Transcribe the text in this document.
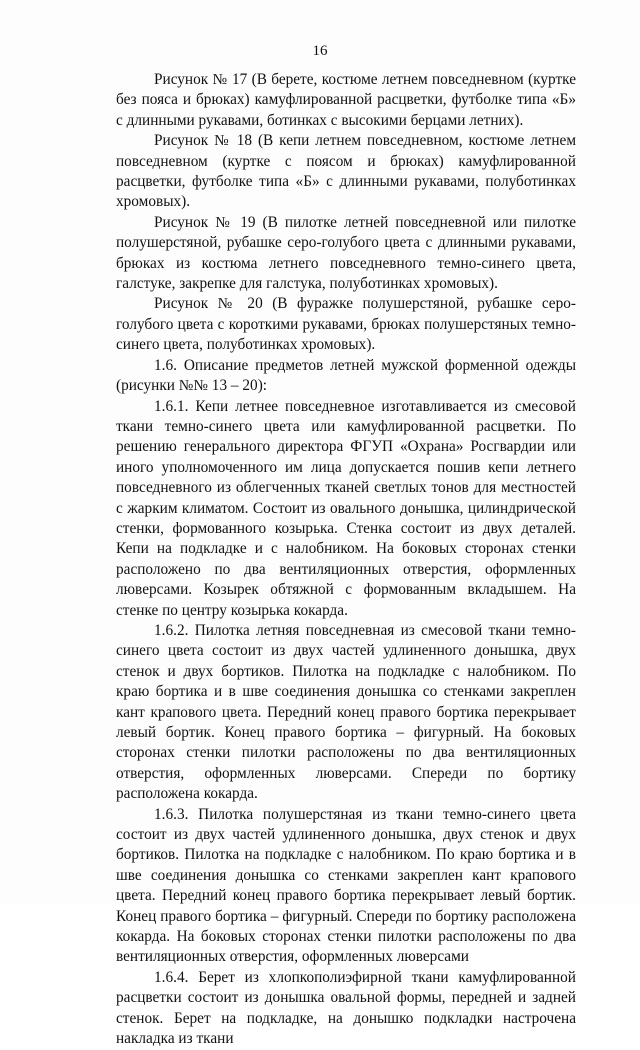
16

Рисунок № 17 (В берете, костюме летнем повседневном (куртке без пояса и брюках) камуфлированной расцветки, футболке типа «Б» с длинными рукавами, ботинках с высокими берцами летних).

Рисунок № 18 (В кепи летнем повседневном, костюме летнем повседневном (куртке с поясом и брюках) камуфлированной расцветки, футболке типа «Б» с длинными рукавами, полуботинках хромовых).

Рисунок № 19 (В пилотке летней повседневной или пилотке полушерстяной, рубашке серо-голубого цвета с длинными рукавами, брюках из костюма летнего повседневного темно-синего цвета, галстуке, закрепке для галстука, полуботинках хромовых).

Рисунок № 20 (В фуражке полушерстяной, рубашке серо-голубого цвета с короткими рукавами, брюках полушерстяных темно-синего цвета, полуботинках хромовых).

1.6. Описание предметов летней мужской форменной одежды (рисунки №№ 13 – 20):

1.6.1. Кепи летнее повседневное изготавливается из смесовой ткани темно-синего цвета или камуфлированной расцветки. По решению генерального директора ФГУП «Охрана» Росгвардии или иного уполномоченного им лица допускается пошив кепи летнего повседневного из облегченных тканей светлых тонов для местностей с жарким климатом. Состоит из овального донышка, цилиндрической стенки, формованного козырька. Стенка состоит из двух деталей. Кепи на подкладке и с налобником. На боковых сторонах стенки расположено по два вентиляционных отверстия, оформленных люверсами. Козырек обтяжной с формованным вкладышем. На стенке по центру козырька кокарда.

1.6.2. Пилотка летняя повседневная из смесовой ткани темно-синего цвета состоит из двух частей удлиненного донышка, двух стенок и двух бортиков. Пилотка на подкладке с налобником. По краю бортика и в шве соединения донышка со стенками закреплен кант крапового цвета. Передний конец правого бортика перекрывает левый бортик. Конец правого бортика – фигурный. На боковых сторонах стенки пилотки расположены по два вентиляционных отверстия, оформленных люверсами. Спереди по бортику расположена кокарда.

1.6.3. Пилотка полушерстяная из ткани темно-синего цвета состоит из двух частей удлиненного донышка, двух стенок и двух бортиков. Пилотка на подкладке с налобником. По краю бортика и в шве соединения донышка со стенками закреплен кант крапового цвета. Передний конец правого бортика перекрывает левый бортик. Конец правого бортика – фигурный. Спереди по бортику расположена кокарда. На боковых сторонах стенки пилотки расположены по два вентиляционных отверстия, оформленных люверсами

1.6.4. Берет из хлопкополиэфирной ткани камуфлированной расцветки состоит из донышка овальной формы, передней и задней стенок. Берет на подкладке, на донышко подкладки настрочена накладка из ткани
